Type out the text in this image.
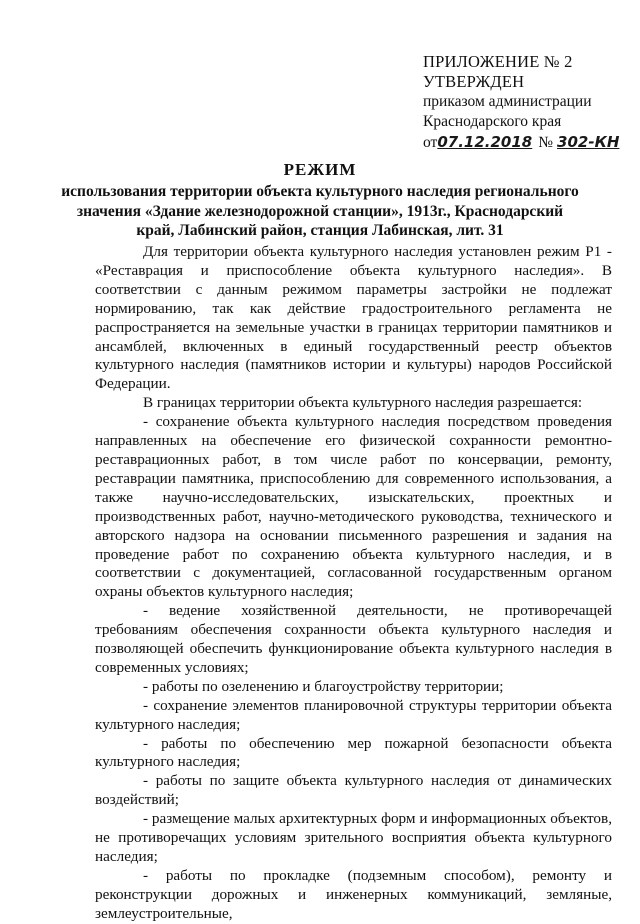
ПРИЛОЖЕНИЕ № 2
УТВЕРЖДЕН
приказом администрации
Краснодарского края
от 07.12.2018 № 302-КН
РЕЖИМ
использования территории объекта культурного наследия регионального значения «Здание железнодорожной станции», 1913г., Краснодарский край, Лабинский район, станция Лабинская, лит. 31

Для территории объекта культурного наследия установлен режим Р1 - «Реставрация и приспособление объекта культурного наследия». В соответствии с данным режимом параметры застройки не подлежат нормированию, так как действие градостроительного регламента не распространяется на земельные участки в границах территории памятников и ансамблей, включенных в единый государственный реестр объектов культурного наследия (памятников истории и культуры) народов Российской Федерации.

В границах территории объекта культурного наследия разрешается:

- сохранение объекта культурного наследия посредством проведения направленных на обеспечение его физической сохранности ремонтно-реставрационных работ, в том числе работ по консервации, ремонту, реставрации памятника, приспособлению для современного использования, а также научно-исследовательских, изыскательских, проектных и производственных работ, научно-методического руководства, технического и авторского надзора на основании письменного разрешения и задания на проведение работ по сохранению объекта культурного наследия, и в соответствии с документацией, согласованной государственным органом охраны объектов культурного наследия;

- ведение хозяйственной деятельности, не противоречащей требованиям обеспечения сохранности объекта культурного наследия и позволяющей обеспечить функционирование объекта культурного наследия в современных условиях;

- работы по озеленению и благоустройству территории;

- сохранение элементов планировочной структуры территории объекта культурного наследия;

- работы по обеспечению мер пожарной безопасности объекта культурного наследия;

- работы по защите объекта культурного наследия от динамических воздействий;

- размещение малых архитектурных форм и информационных объектов, не противоречащих условиям зрительного восприятия объекта культурного наследия;

- работы по прокладке (подземным способом), ремонту и реконструкции дорожных и инженерных коммуникаций, земляные, землеустроительные,
